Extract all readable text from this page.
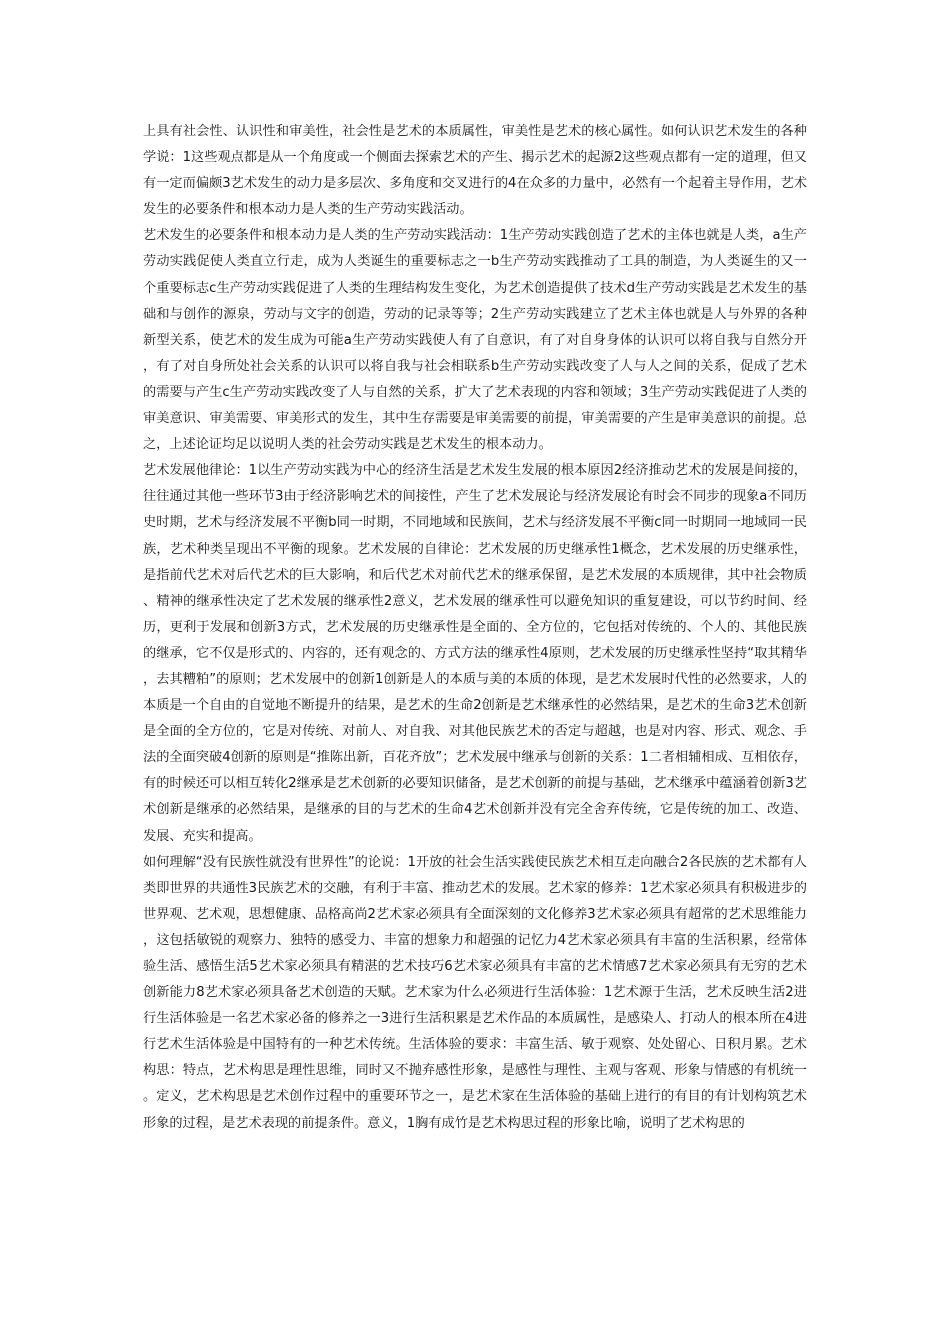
上具有社会性、认识性和审美性，社会性是艺术的本质属性，审美性是艺术的核心属性。如何认识艺术发生的各种学说：1这些观点都是从一个角度或一个侧面去探索艺术的产生、揭示艺术的起源2这些观点都有一定的道理，但又有一定而偏颇3艺术发生的动力是多层次、多角度和交叉进行的4在众多的力量中，必然有一个起着主导作用，艺术发生的必要条件和根本动力是人类的生产劳动实践活动。

艺术发生的必要条件和根本动力是人类的生产劳动实践活动：1生产劳动实践创造了艺术的主体也就是人类，a生产劳动实践促使人类直立行走，成为人类诞生的重要标志之一b生产劳动实践推动了工具的制造，为人类诞生的又一个重要标志c生产劳动实践促进了人类的生理结构发生变化，为艺术创造提供了技术d生产劳动实践是艺术发生的基础和与创作的源泉，劳动与文字的创造，劳动的记录等等；2生产劳动实践建立了艺术主体也就是人与外界的各种新型关系，使艺术的发生成为可能a生产劳动实践使人有了自意识，有了对自身身体的认识可以将自我与自然分开，有了对自身所处社会关系的认识可以将自我与社会相联系b生产劳动实践改变了人与人之间的关系，促成了艺术的需要与产生c生产劳动实践改变了人与自然的关系，扩大了艺术表现的内容和领域；3生产劳动实践促进了人类的审美意识、审美需要、审美形式的发生，其中生存需要是审美需要的前提，审美需要的产生是审美意识的前提。总之，上述论证均足以说明人类的社会劳动实践是艺术发生的根本动力。

艺术发展他律论：1以生产劳动实践为中心的经济生活是艺术发生发展的根本原因2经济推动艺术的发展是间接的，往往通过其他一些环节3由于经济影响艺术的间接性，产生了艺术发展论与经济发展论有时会不同步的现象a不同历史时期，艺术与经济发展不平衡b同一时期，不同地域和民族间，艺术与经济发展不平衡c同一时期同一地域同一民族，艺术种类呈现出不平衡的现象。艺术发展的自律论：艺术发展的历史继承性1概念，艺术发展的历史继承性，是指前代艺术对后代艺术的巨大影响，和后代艺术对前代艺术的继承保留，是艺术发展的本质规律，其中社会物质、精神的继承性决定了艺术发展的继承性2意义，艺术发展的继承性可以避免知识的重复建设，可以节约时间、经历，更利于发展和创新3方式，艺术发展的历史继承性是全面的、全方位的，它包括对传统的、个人的、其他民族的继承，它不仅是形式的、内容的，还有观念的、方式方法的继承性4原则，艺术发展的历史继承性坚持“取其精华，去其糟粕”的原则；艺术发展中的创新1创新是人的本质与美的本质的体现，是艺术发展时代性的必然要求，人的本质是一个自由的自觉地不断提升的结果，是艺术的生命2创新是艺术继承性的必然结果，是艺术的生命3艺术创新是全面的全方位的，它是对传统、对前人、对自我、对其他民族艺术的否定与超越，也是对内容、形式、观念、手法的全面突破4创新的原则是“推陈出新，百花齐放”；艺术发展中继承与创新的关系：1二者相辅相成、互相依存，有的时候还可以相互转化2继承是艺术创新的必要知识储备，是艺术创新的前提与基础，艺术继承中蕴涵着创新3艺术创新是继承的必然结果，是继承的目的与艺术的生命4艺术创新并没有完全舍弃传统，它是传统的加工、改造、发展、充实和提高。

如何理解“没有民族性就没有世界性”的论说：1开放的社会生活实践使民族艺术相互走向融合2各民族的艺术都有人类即世界的共通性3民族艺术的交融，有利于丰富、推动艺术的发展。艺术家的修养：1艺术家必须具有积极进步的世界观、艺术观，思想健康、品格高尚2艺术家必须具有全面深刻的文化修养3艺术家必须具有超常的艺术思维能力，这包括敏锐的观察力、独特的感受力、丰富的想象力和超强的记忆力4艺术家必须具有丰富的生活积累，经常体验生活、感悟生活5艺术家必须具有精湛的艺术技巧6艺术家必须具有丰富的艺术情感7艺术家必须具有无穷的艺术创新能力8艺术家必须具备艺术创造的天赋。艺术家为什么必须进行生活体验：1艺术源于生活，艺术反映生活2进行生活体验是一名艺术家必备的修养之一3进行生活积累是艺术作品的本质属性，是感染人、打动人的根本所在4进行艺术生活体验是中国特有的一种艺术传统。生活体验的要求：丰富生活、敏于观察、处处留心、日积月累。艺术构思：特点，艺术构思是理性思维，同时又不抛弃感性形象，是感性与理性、主观与客观、形象与情感的有机统一。定义，艺术构思是艺术创作过程中的重要环节之一，是艺术家在生活体验的基础上进行的有目的有计划构筑艺术形象的过程，是艺术表现的前提条件。意义，1胸有成竹是艺术构思过程的形象比喻，说明了艺术构思的
